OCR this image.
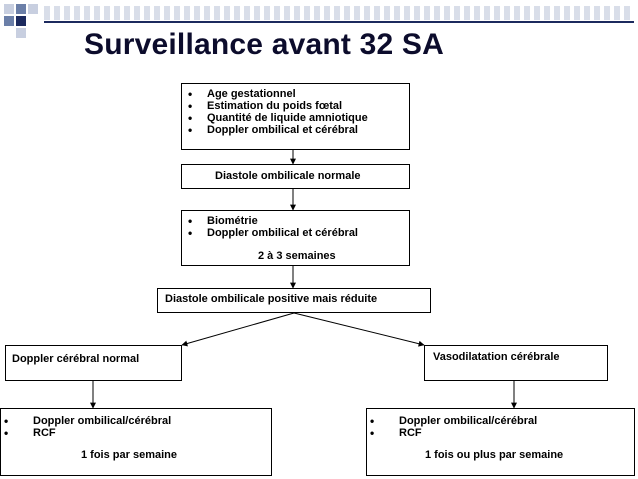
Surveillance avant 32 SA
• Age gestationnel
• Estimation du poids fœtal
• Quantité de liquide amniotique
• Doppler ombilical et cérébral
Diastole ombilicale normale
• Biométrie
• Doppler ombilical et cérébral
2 à 3 semaines
Diastole ombilicale positive mais réduite
Doppler cérébral normal	Vasodilatation cérébrale
• Doppler ombilical/cérébral
• RCF
1 fois par semaine
• Doppler ombilical/cérébral
• RCF
1 fois ou plus par semaine
